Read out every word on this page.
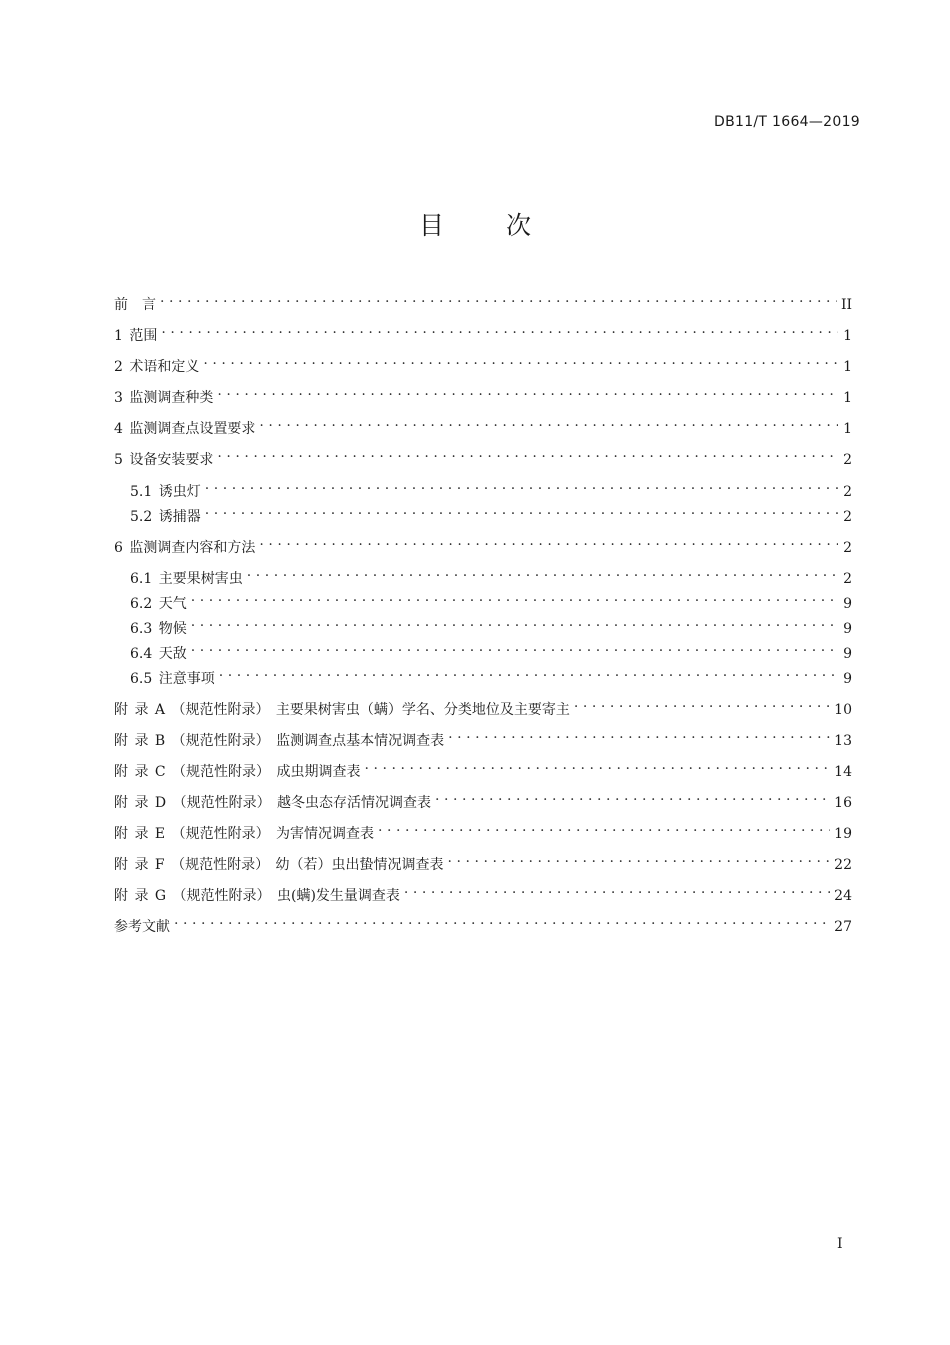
DB11/T 1664—2019
目次
前　言 . . .	II
1 范围 . . .	1
2 术语和定义 . . .	1
3 监测调查种类 . . .	1
4 监测调查点设置要求 . . .	1
5 设备安装要求 . . .	2
5.1 诱虫灯 . . .	2
5.2 诱捕器 . . .	2
6 监测调查内容和方法 . . .	2
6.1 主要果树害虫 . . .	2
6.2 天气 . . .	9
6.3 物候 . . .	9
6.4 天敌 . . .	9
6.5 注意事项 . . .	9
附 录 A （规范性附录） 主要果树害虫（螨）学名、分类地位及主要寄主 . . .	10
附 录 B （规范性附录） 监测调查点基本情况调查表 . . .	13
附 录 C （规范性附录） 成虫期调查表 . . .	14
附 录 D （规范性附录） 越冬虫态存活情况调查表 . . .	16
附 录 E （规范性附录） 为害情况调查表 . . .	19
附 录 F （规范性附录） 幼（若）虫出蛰情况调查表 . . .	22
附 录 G （规范性附录） 虫(螨)发生量调查表 . . .	24
参考文献 . . .	27
I
